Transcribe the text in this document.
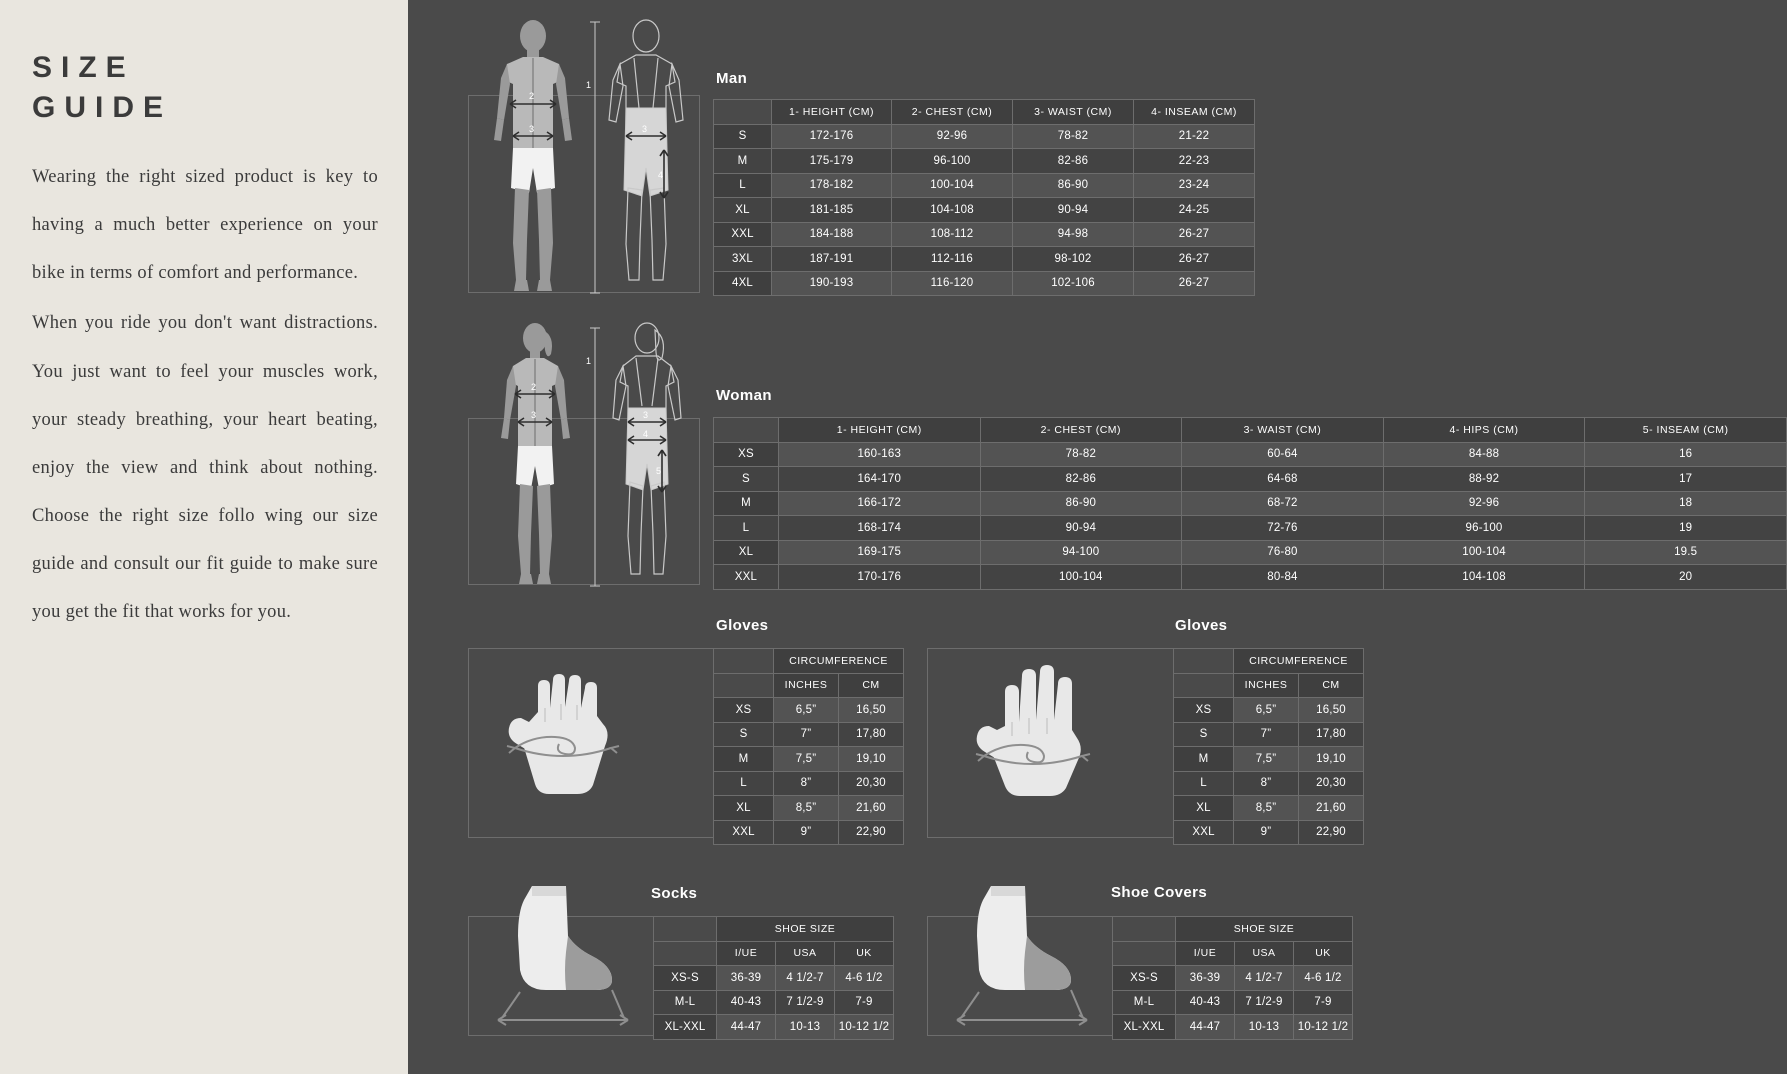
SIZE
GUIDE

Wearing the right sized product is key to having a much better experience on your bike in terms of comfort and performance.

When you ride you don't want distractions. You just want to feel your muscles work, your steady breathing, your heart beating, enjoy the view and think about nothing. Choose the right size follo wing our size guide and consult our fit guide to make sure you get the fit that works for you.

2
3
1
3
4
Man
	1- HEIGHT (CM)	2- CHEST (CM)	3- WAIST (CM)	4- INSEAM (CM)
S	172-176	92-96	78-82	21-22
M	175-179	96-100	82-86	22-23
L	178-182	100-104	86-90	23-24
XL	181-185	104-108	90-94	24-25
XXL	184-188	108-112	94-98	26-27
3XL	187-191	112-116	98-102	26-27
4XL	190-193	116-120	102-106	26-27
2
3
1
3
4
5
Woman
	1- HEIGHT (CM)	2- CHEST (CM)	3- WAIST (CM)	4- HIPS (CM)	5- INSEAM (CM)
XS	160-163	78-82	60-64	84-88	16
S	164-170	82-86	64-68	88-92	17
M	166-172	86-90	68-72	92-96	18
L	168-174	90-94	72-76	96-100	19
XL	169-175	94-100	76-80	100-104	19.5
XXL	170-176	100-104	80-84	104-108	20
Gloves
	CIRCUMFERENCE	
	INCHES	CM
XS	6,5”	16,50
S	7”	17,80
M	7,5”	19,10
L	8”	20,30
XL	8,5”	21,60
XXL	9”	22,90
Gloves
	CIRCUMFERENCE	
	INCHES	CM
XS	6,5”	16,50
S	7”	17,80
M	7,5”	19,10
L	8”	20,30
XL	8,5”	21,60
XXL	9”	22,90
Socks
	SHOE SIZE		
	I/UE	USA	UK
XS-S	36-39	4 1/2-7	4-6 1/2
M-L	40-43	7 1/2-9	7-9
XL-XXL	44-47	10-13	10-12 1/2
Shoe Covers
	SHOE SIZE		
	I/UE	USA	UK
XS-S	36-39	4 1/2-7	4-6 1/2
M-L	40-43	7 1/2-9	7-9
XL-XXL	44-47	10-13	10-12 1/2
